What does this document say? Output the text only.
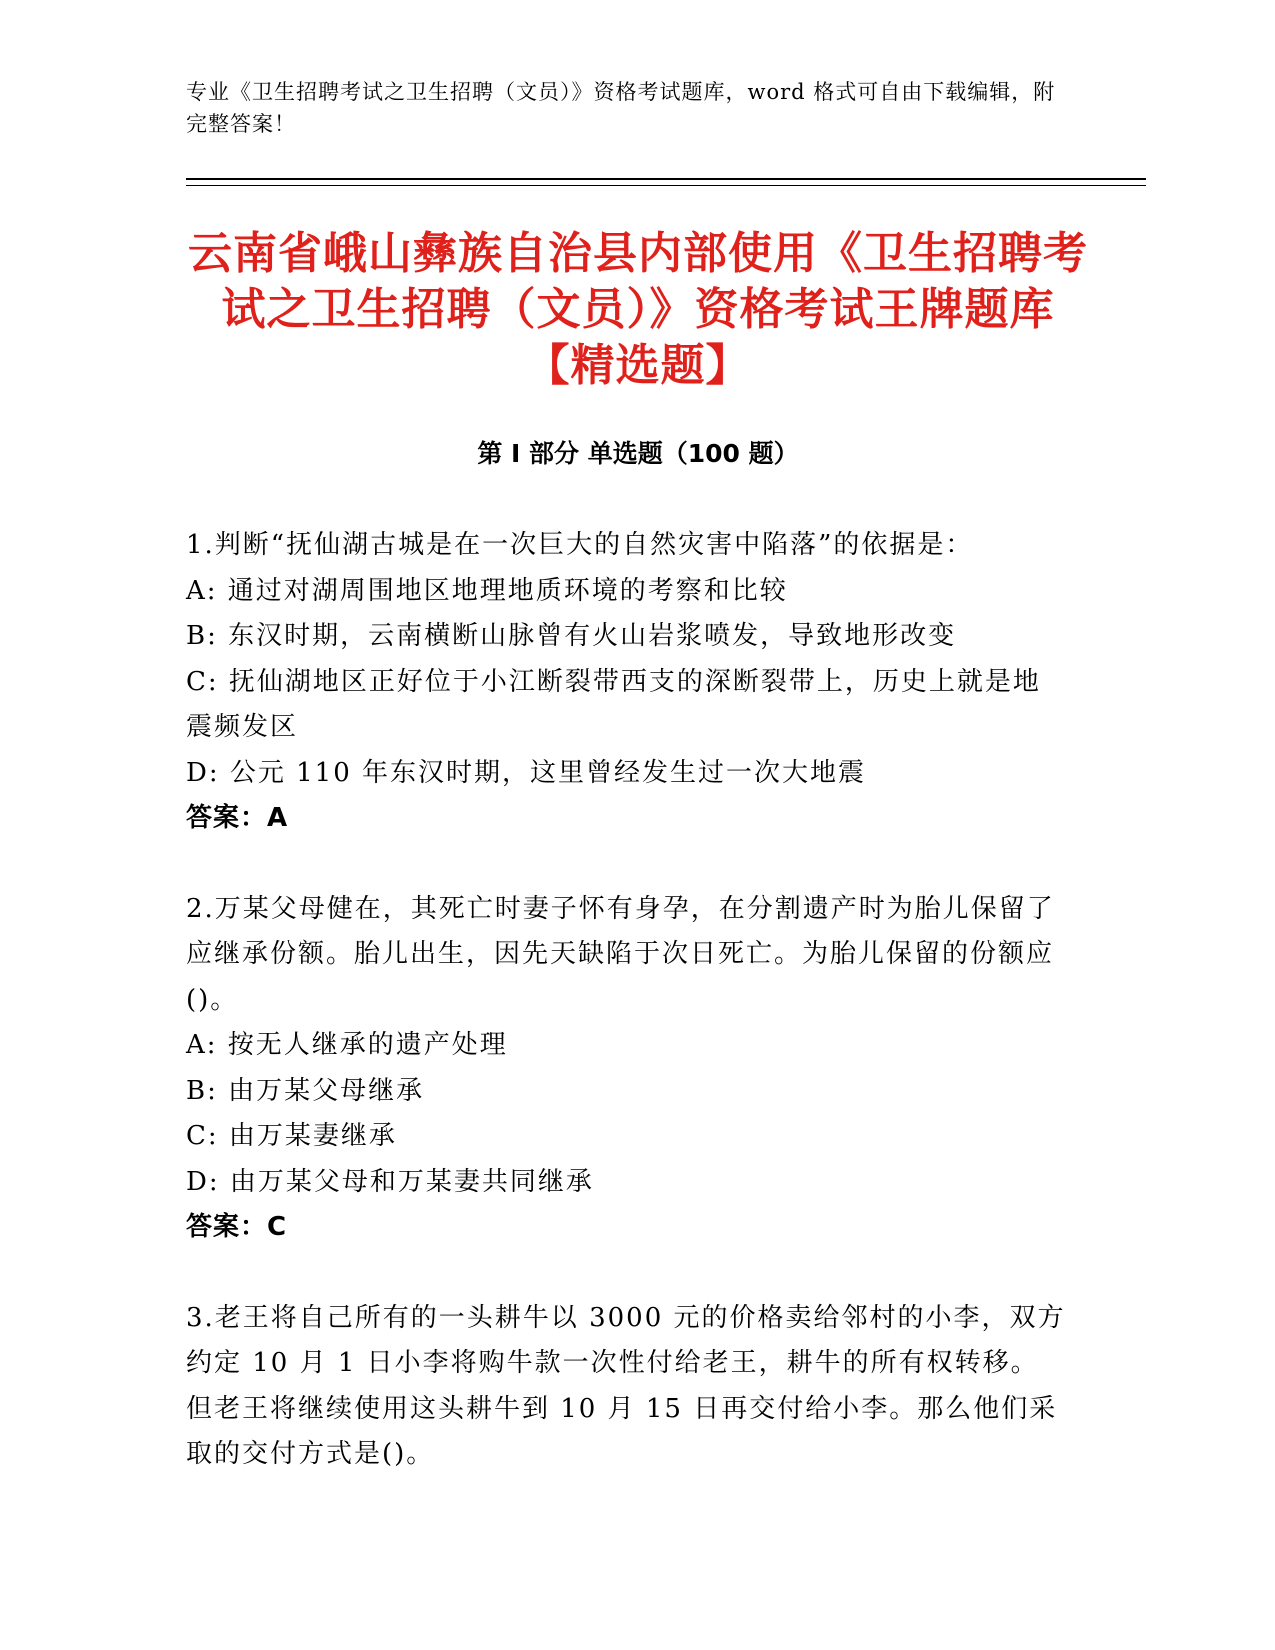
专业《卫生招聘考试之卫生招聘（文员）》资格考试题库，word 格式可自由下载编辑，附完整答案！
云南省峨山彝族自治县内部使用《卫生招聘考试之卫生招聘（文员）》资格考试王牌题库【精选题】
第 I 部分 单选题（100 题）

1.判断“抚仙湖古城是在一次巨大的自然灾害中陷落”的依据是：

A: 通过对湖周围地区地理地质环境的考察和比较

B: 东汉时期，云南横断山脉曾有火山岩浆喷发，导致地形改变

C: 抚仙湖地区正好位于小江断裂带西支的深断裂带上，历史上就是地震频发区

D: 公元 110 年东汉时期，这里曾经发生过一次大地震

答案：A

2.万某父母健在，其死亡时妻子怀有身孕，在分割遗产时为胎儿保留了应继承份额。胎儿出生，因先天缺陷于次日死亡。为胎儿保留的份额应()。

A: 按无人继承的遗产处理

B: 由万某父母继承

C: 由万某妻继承

D: 由万某父母和万某妻共同继承

答案：C

3.老王将自己所有的一头耕牛以 3000 元的价格卖给邻村的小李，双方约定 10 月 1 日小李将购牛款一次性付给老王，耕牛的所有权转移。但老王将继续使用这头耕牛到 10 月 15 日再交付给小李。那么他们采取的交付方式是()。
